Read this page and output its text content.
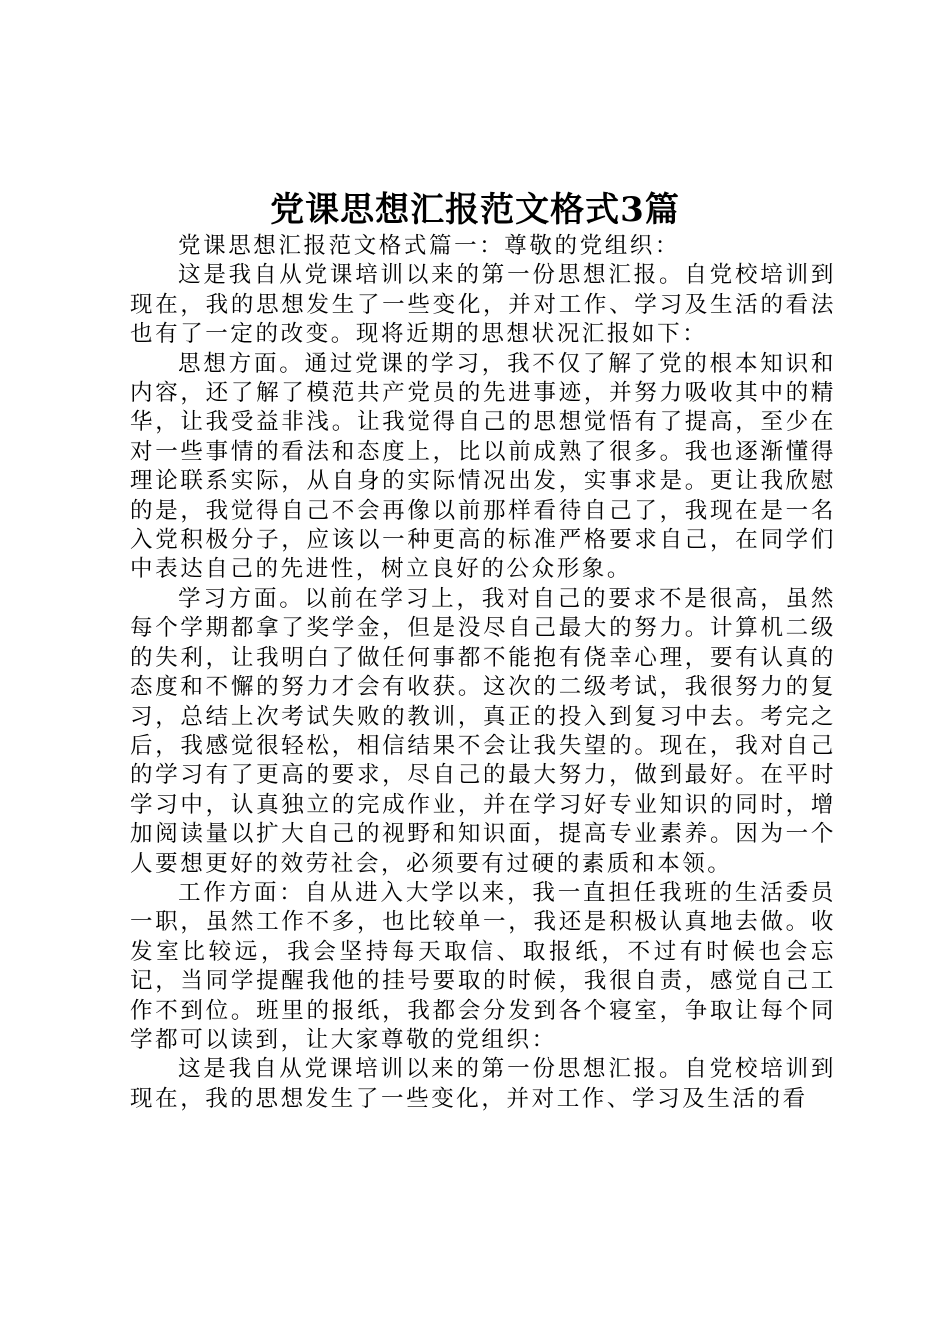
党课思想汇报范文格式3篇

党课思想汇报范文格式篇一：尊敬的党组织：

这是我自从党课培训以来的第一份思想汇报。自党校培训到现在，我的思想发生了一些变化，并对工作、学习及生活的看法也有了一定的改变。现将近期的思想状况汇报如下：

思想方面。通过党课的学习，我不仅了解了党的根本知识和内容，还了解了模范共产党员的先进事迹，并努力吸收其中的精华，让我受益非浅。让我觉得自己的思想觉悟有了提高，至少在对一些事情的看法和态度上，比以前成熟了很多。我也逐渐懂得理论联系实际，从自身的实际情况出发，实事求是。更让我欣慰的是，我觉得自己不会再像以前那样看待自己了，我现在是一名入党积极分子，应该以一种更高的标准严格要求自己，在同学们中表达自己的先进性，树立良好的公众形象。

学习方面。以前在学习上，我对自己的要求不是很高，虽然每个学期都拿了奖学金，但是没尽自己最大的努力。计算机二级的失利，让我明白了做任何事都不能抱有侥幸心理，要有认真的态度和不懈的努力才会有收获。这次的二级考试，我很努力的复习，总结上次考试失败的教训，真正的投入到复习中去。考完之后，我感觉很轻松，相信结果不会让我失望的。现在，我对自己的学习有了更高的要求，尽自己的最大努力，做到最好。在平时学习中，认真独立的完成作业，并在学习好专业知识的同时，增加阅读量以扩大自己的视野和知识面，提高专业素养。因为一个人要想更好的效劳社会，必须要有过硬的素质和本领。

工作方面：自从进入大学以来，我一直担任我班的生活委员一职，虽然工作不多，也比较单一，我还是积极认真地去做。收发室比较远，我会坚持每天取信、取报纸，不过有时候也会忘记，当同学提醒我他的挂号要取的时候，我很自责，感觉自己工作不到位。班里的报纸，我都会分发到各个寝室，争取让每个同学都可以读到，让大家尊敬的党组织：

这是我自从党课培训以来的第一份思想汇报。自党校培训到现在，我的思想发生了一些变化，并对工作、学习及生活的看
